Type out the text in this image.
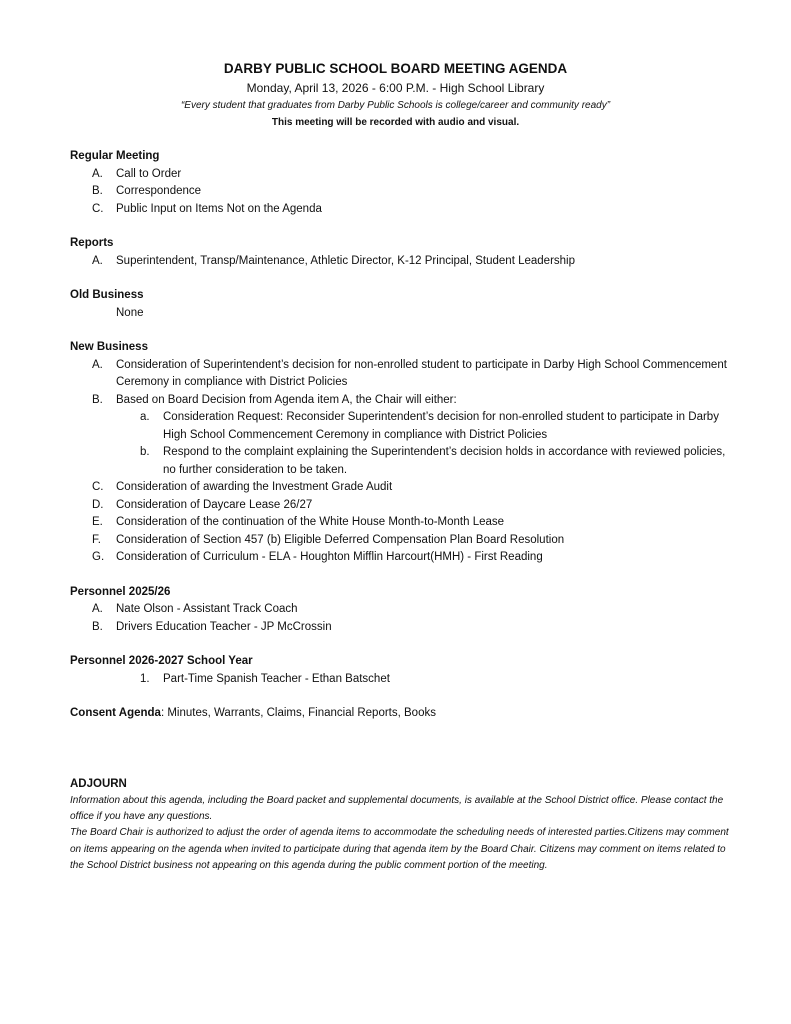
DARBY PUBLIC SCHOOL BOARD MEETING AGENDA

Monday, April 13, 2026 - 6:00 P.M. - High School Library

“Every student that graduates from Darby Public Schools is college/career and community ready”

This meeting will be recorded with audio and visual.

Regular Meeting

A. Call to Order
B. Correspondence
C. Public Input on Items Not on the Agenda

Reports

A. Superintendent, Transp/Maintenance, Athletic Director, K-12 Principal, Student Leadership

Old Business

None

New Business

A. Consideration of Superintendent’s decision for non-enrolled student to participate in Darby High School Commencement Ceremony in compliance with District Policies
B. Based on Board Decision from Agenda item A, the Chair will either:
a. Consideration Request: Reconsider Superintendent’s decision for non-enrolled student to participate in Darby High School Commencement Ceremony in compliance with District Policies
b. Respond to the complaint explaining the Superintendent’s decision holds in accordance with reviewed policies, no further consideration to be taken.
C. Consideration of awarding the Investment Grade Audit
D. Consideration of Daycare Lease 26/27
E. Consideration of the continuation of the White House Month-to-Month Lease
F. Consideration of Section 457 (b) Eligible Deferred Compensation Plan Board Resolution
G. Consideration of Curriculum - ELA - Houghton Mifflin Harcourt(HMH) - First Reading

Personnel 2025/26

A. Nate Olson - Assistant Track Coach
B. Drivers Education Teacher - JP McCrossin

Personnel 2026-2027 School Year

1. Part-Time Spanish Teacher - Ethan Batschet

Consent Agenda: Minutes, Warrants, Claims, Financial Reports, Books

ADJOURN

Information about this agenda, including the Board packet and supplemental documents, is available at the School District office. Please contact the office if you have any questions.

The Board Chair is authorized to adjust the order of agenda items to accommodate the scheduling needs of interested parties.Citizens may comment on items appearing on the agenda when invited to participate during that agenda item by the Board Chair. Citizens may comment on items related to the School District business not appearing on this agenda during the public comment portion of the meeting.
